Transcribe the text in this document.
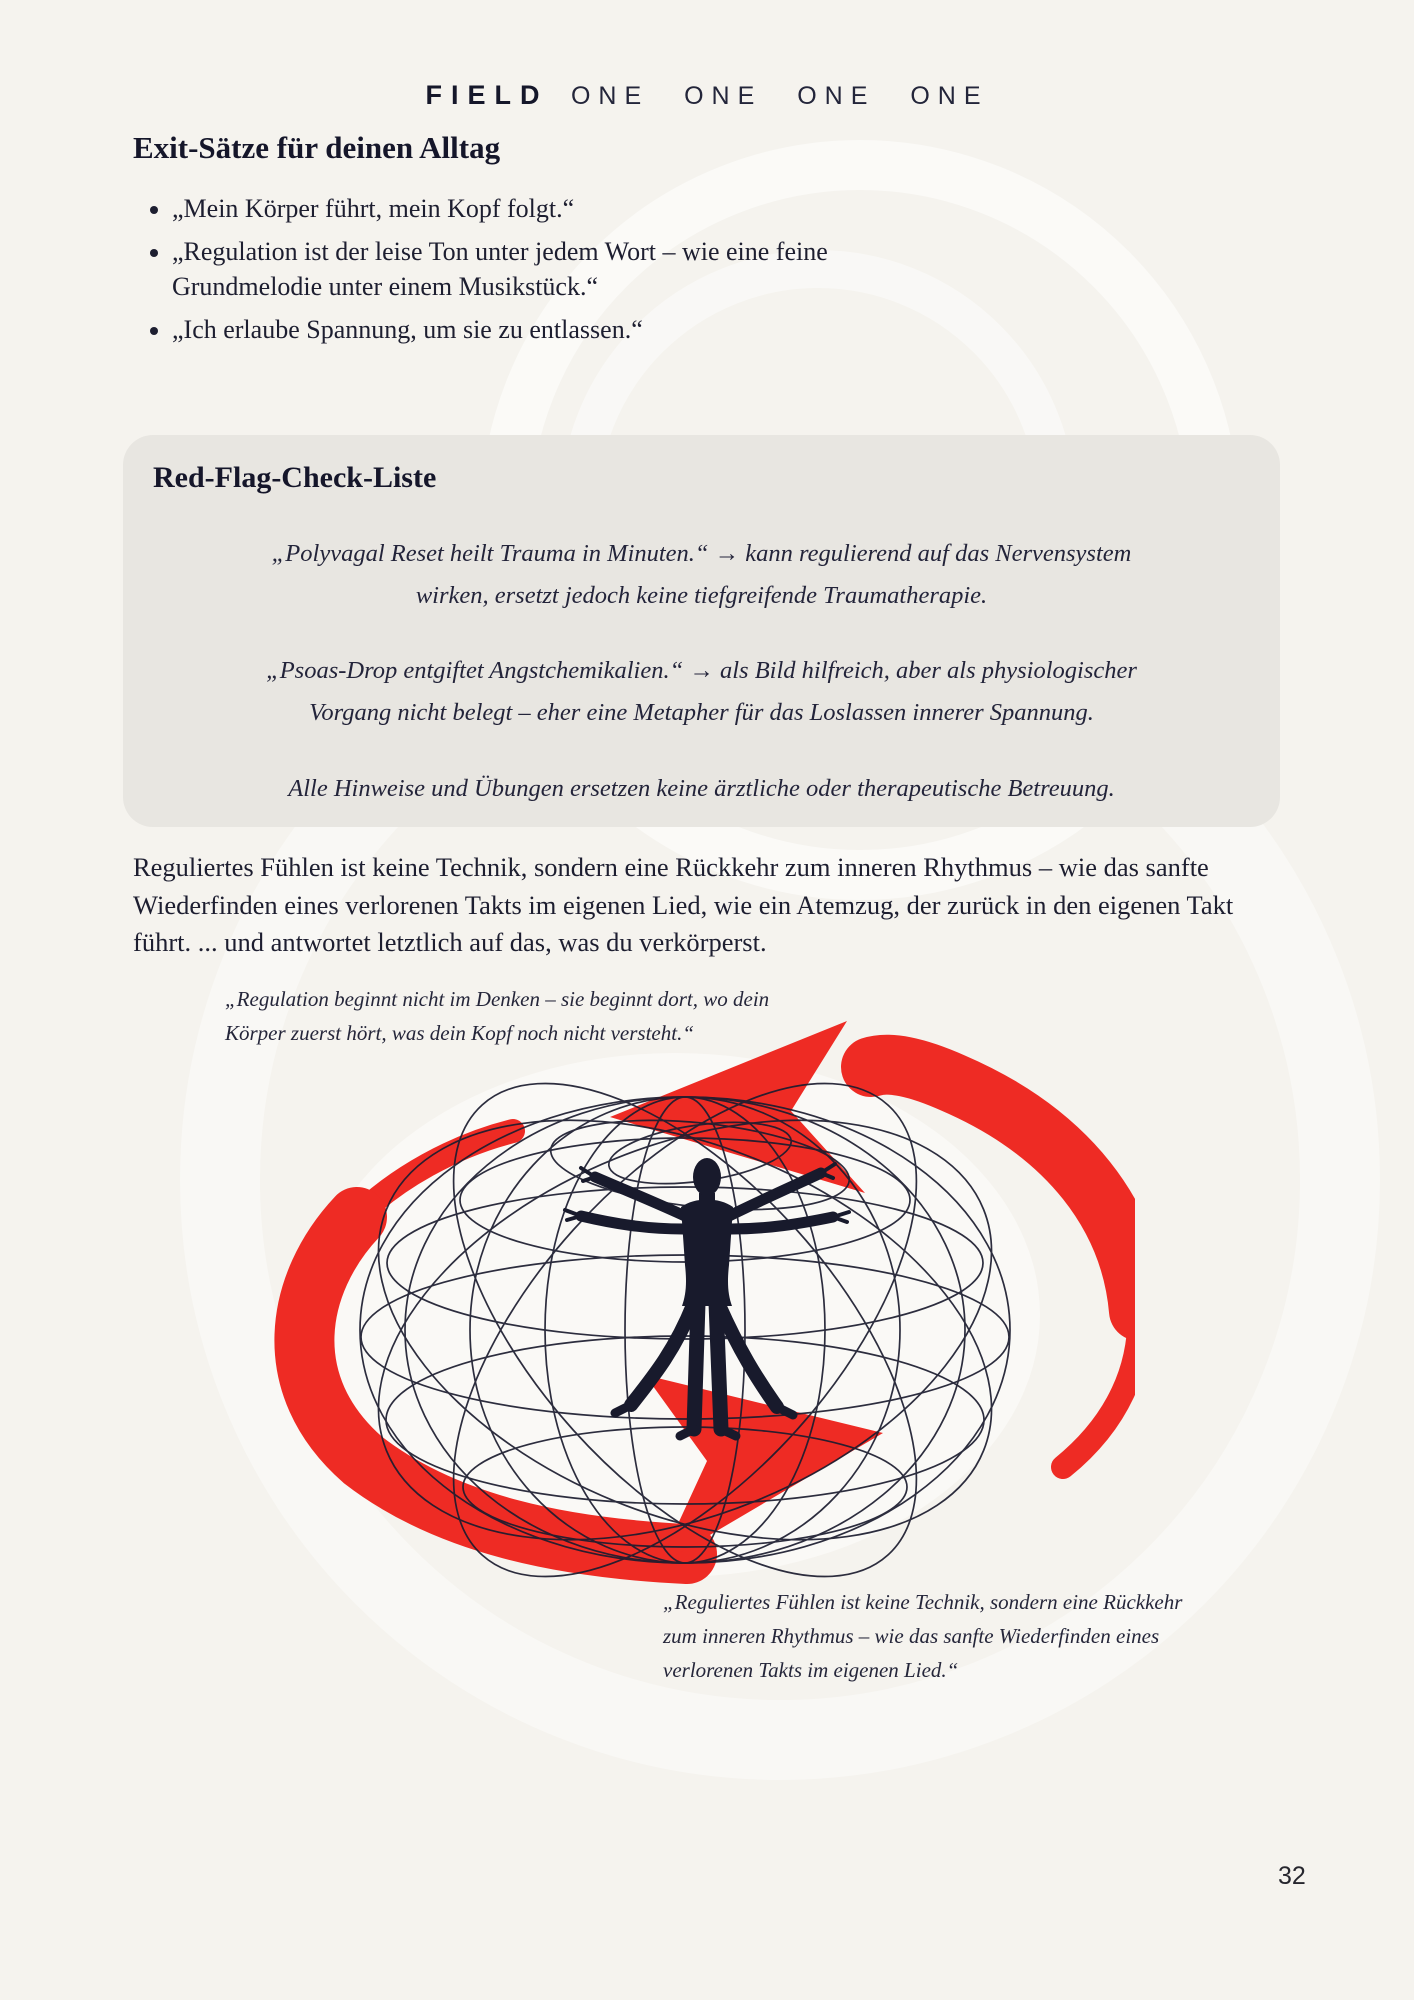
FIELD ONE ONE ONE ONE
Exit-Sätze für deinen Alltag
• „Mein Körper führt, mein Kopf folgt.“
• „Regulation ist der leise Ton unter jedem Wort – wie eine feine Grundmelodie unter einem Musikstück.“
• „Ich erlaube Spannung, um sie zu entlassen.“
Red-Flag-Check-Liste

„Polyvagal Reset heilt Trauma in Minuten.“ → kann regulierend auf das Nervensystem wirken, ersetzt jedoch keine tiefgreifende Traumatherapie.

„Psoas-Drop entgiftet Angstchemikalien.“ → als Bild hilfreich, aber als physiologischer Vorgang nicht belegt – eher eine Metapher für das Loslassen innerer Spannung.

Alle Hinweise und Übungen ersetzen keine ärztliche oder therapeutische Betreuung.

Reguliertes Fühlen ist keine Technik, sondern eine Rückkehr zum inneren Rhythmus – wie das sanfte Wiederfinden eines verlorenen Takts im eigenen Lied, wie ein Atemzug, der zurück in den eigenen Takt führt. ... und antwortet letztlich auf das, was du verkörperst.

„Regulation beginnt nicht im Denken – sie beginnt dort, wo dein Körper zuerst hört, was dein Kopf noch nicht versteht.“

„Reguliertes Fühlen ist keine Technik, sondern eine Rückkehr zum inneren Rhythmus – wie das sanfte Wiederfinden eines verlorenen Takts im eigenen Lied.“

32
